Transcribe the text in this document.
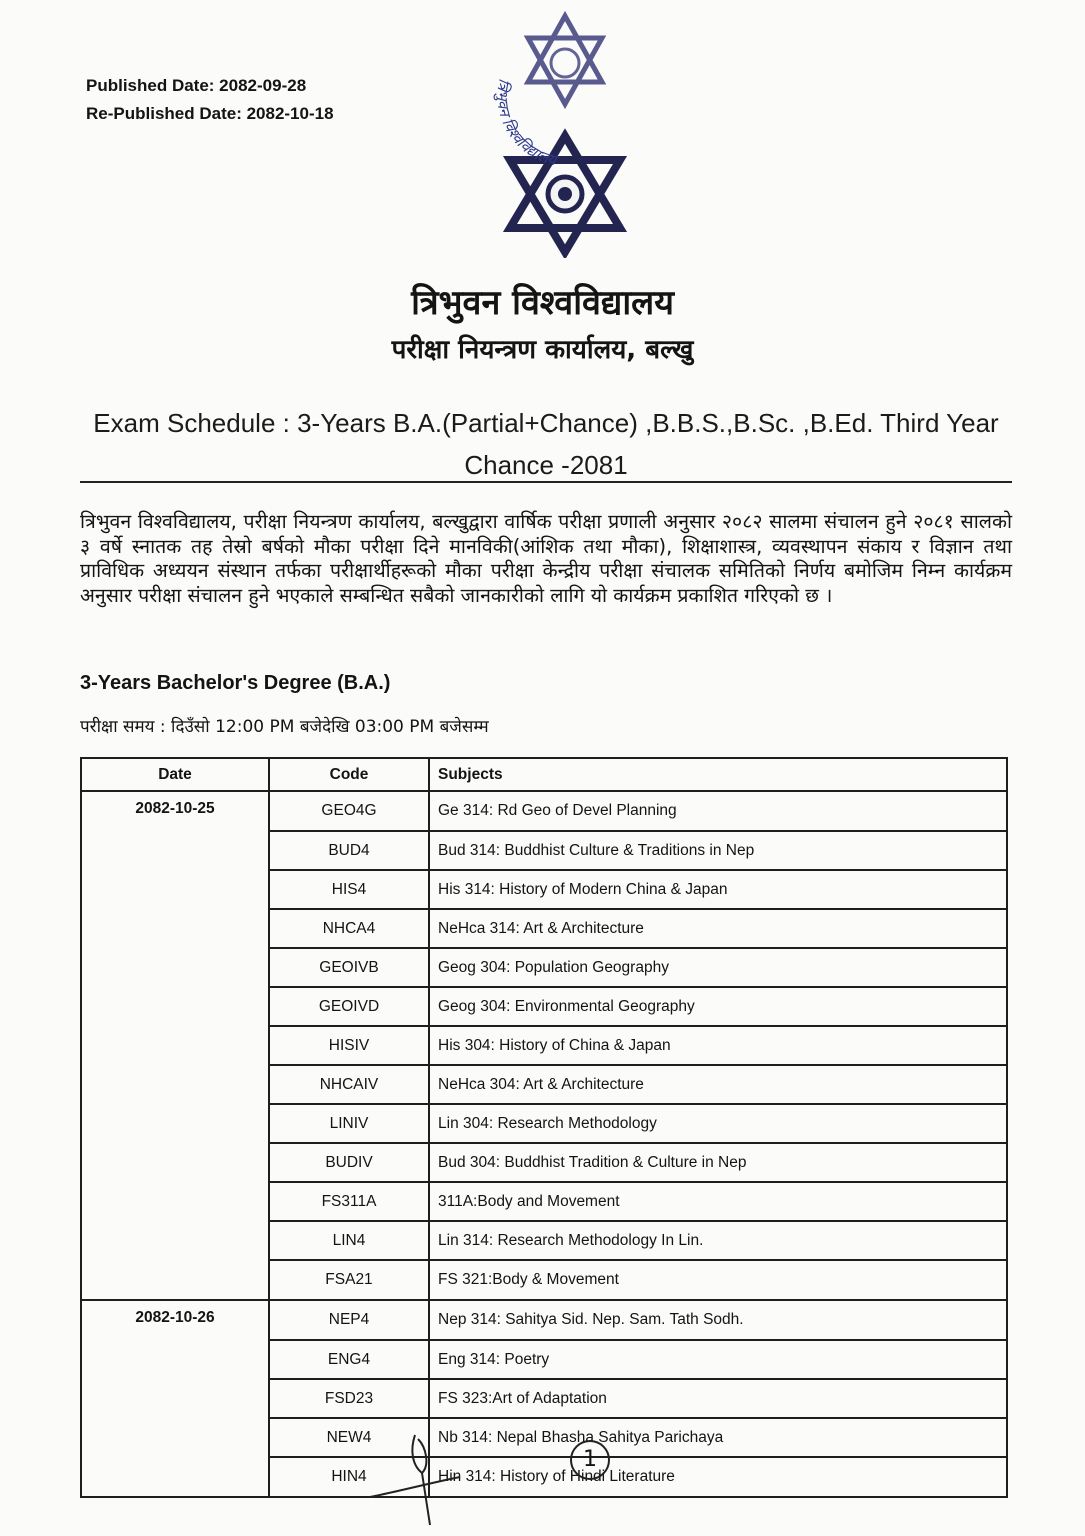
Published Date: 2082-09-28
Re-Published Date: 2082-10-18
त्रिभुवन विश्वविद्यालय
त्रिभुवन विश्वविद्यालय
परीक्षा नियन्त्रण कार्यालय, बल्खु
Exam Schedule : 3-Years B.A.(Partial+Chance) ,B.B.S.,B.Sc. ,B.Ed. Third Year
Chance -2081
त्रिभुवन विश्वविद्यालय, परीक्षा नियन्त्रण कार्यालय, बल्खुद्वारा वार्षिक परीक्षा प्रणाली अनुसार २०८२ सालमा संचालन हुने २०८१ सालको ३ वर्षे स्नातक तह तेस्रो बर्षको मौका परीक्षा दिने मानविकी(आंशिक तथा मौका), शिक्षाशास्त्र, व्यवस्थापन संकाय र विज्ञान तथा प्राविधिक अध्ययन संस्थान तर्फका परीक्षार्थीहरूको मौका परीक्षा केन्द्रीय परीक्षा संचालक समितिको निर्णय बमोजिम निम्न कार्यक्रम अनुसार परीक्षा संचालन हुने भएकाले सम्बन्धित सबैको जानकारीको लागि यो कार्यक्रम प्रकाशित गरिएको छ ।
3-Years Bachelor's Degree (B.A.)
परीक्षा समय : दिउँसो 12:00 PM बजेदेखि 03:00 PM बजेसम्म
Date	Code	Subjects
2082-10-25	GEO4G	Ge 314: Rd Geo of Devel Planning
	BUD4	Bud 314: Buddhist Culture & Traditions in Nep
	HIS4	His 314: History of Modern China & Japan
	NHCA4	NeHca 314: Art & Architecture
	GEOIVB	Geog 304: Population Geography
	GEOIVD	Geog 304: Environmental Geography
	HISIV	His 304: History of China & Japan
	NHCAIV	NeHca 304: Art & Architecture
	LINIV	Lin 304: Research Methodology
	BUDIV	Bud 304: Buddhist Tradition & Culture in Nep
	FS311A	311A:Body and Movement
	LIN4	Lin 314: Research Methodology In Lin.
	FSA21	FS 321:Body & Movement
2082-10-26	NEP4	Nep 314: Sahitya Sid. Nep. Sam. Tath Sodh.
	ENG4	Eng 314: Poetry
	FSD23	FS 323:Art of Adaptation
	NEW4	Nb 314: Nepal Bhasha Sahitya Parichaya
	HIN4	Hin 314: History of Hindi Literature
1
